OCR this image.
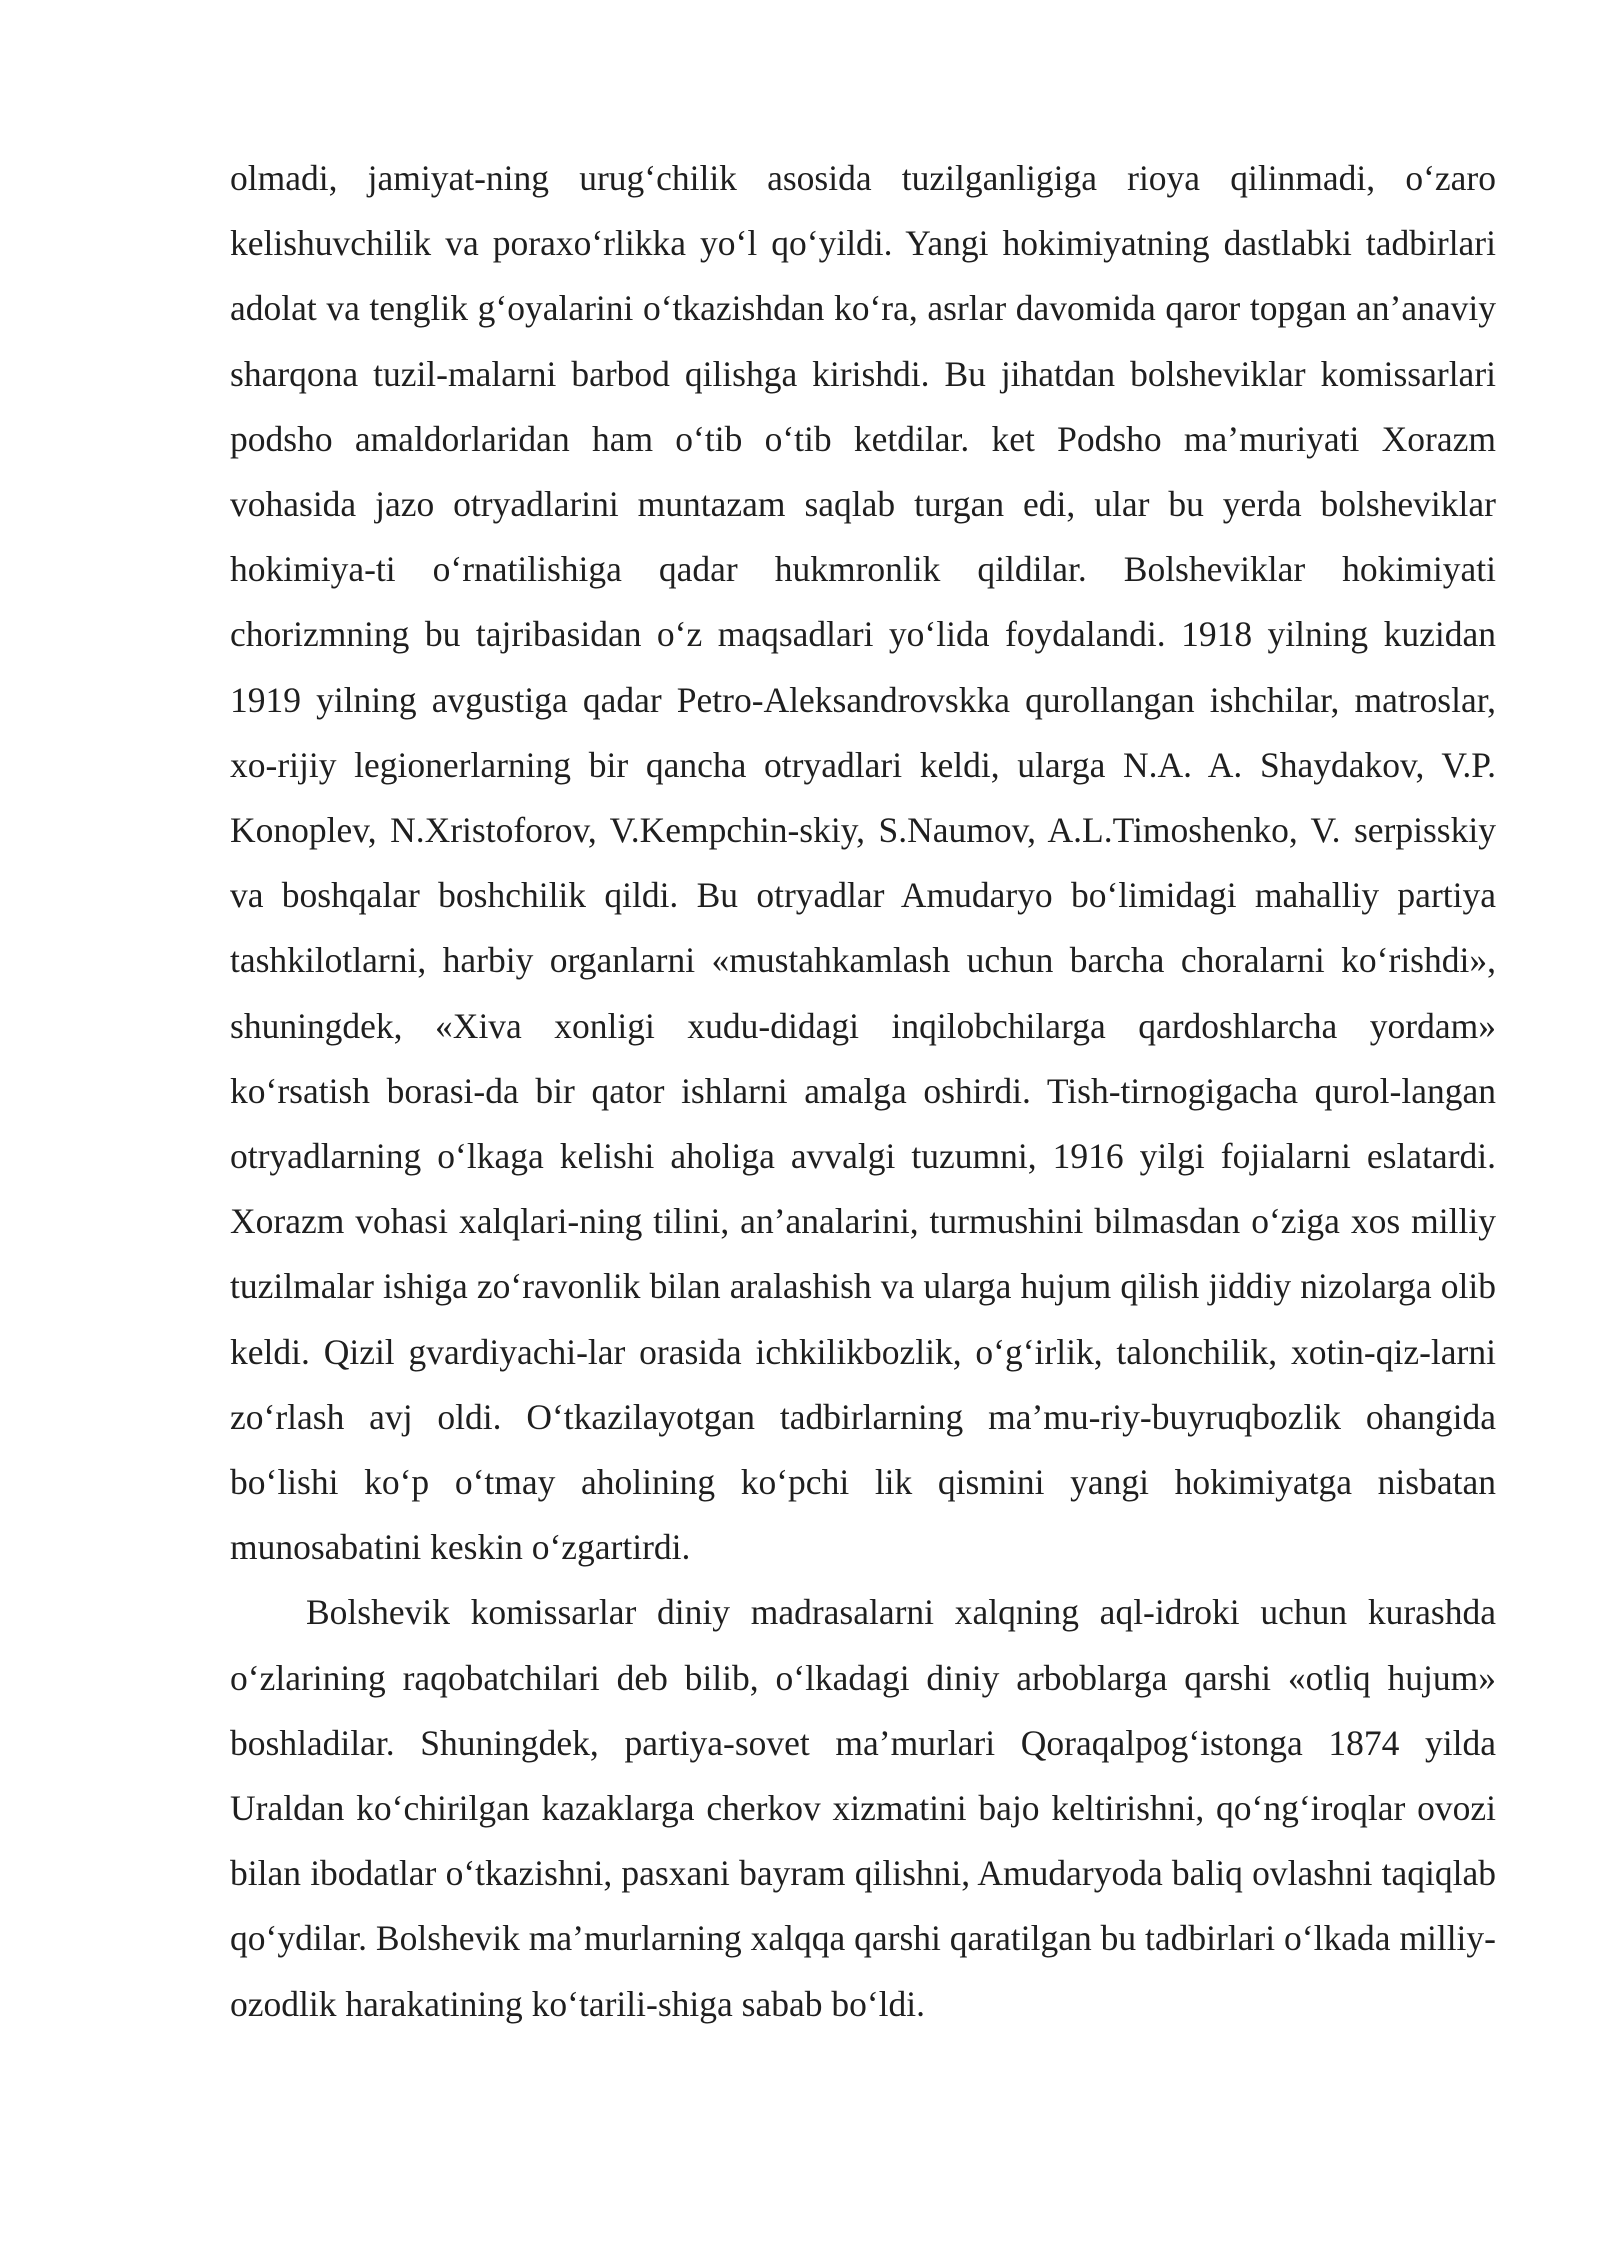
olmadi, jamiyat-ning urug‘chilik asosida tuzilganligiga rioya qilinmadi, o‘zaro kelishuvchilik va poraxo‘rlikka yo‘l qo‘yildi. Yangi hokimiyatning dastlabki tadbirlari adolat va tenglik g‘oyalarini o‘tkazishdan ko‘ra, asrlar davomida qaror topgan an’anaviy sharqona tuzil-malarni barbod qilishga kirishdi. Bu jihatdan bolsheviklar komissarlari podsho amaldorlaridan ham o‘tib o‘tib ketdilar. ket Podsho ma’muriyati Xorazm vohasida jazo otryadlarini muntazam saqlab turgan edi, ular bu yerda bolsheviklar hokimiya-ti o‘rnatilishiga qadar hukmronlik qildilar. Bolsheviklar hokimiyati chorizmning bu tajribasidan o‘z maqsadlari yo‘lida foydalandi. 1918 yilning kuzidan 1919 yilning avgustiga qadar Petro-Aleksandrovskka qurollangan ishchilar, matroslar, xo-rijiy legionerlarning bir qancha otryadlari keldi, ularga N.A. A. Shaydakov, V.P. Konoplev, N.Xristoforov, V.Kempchin-skiy, S.Naumov, A.L.Timoshenko, V. serpisskiy va boshqalar boshchilik qildi. Bu otryadlar Amudaryo bo‘limidagi mahalliy partiya tashkilotlarni, harbiy organlarni «mustahkamlash uchun barcha choralarni ko‘rishdi», shuningdek, «Xiva xonligi xudu-didagi inqilobchilarga qardoshlarcha yordam» ko‘rsatish borasi-da bir qator ishlarni amalga oshirdi. Tish-tirnogigacha qurol-langan otryadlarning o‘lkaga kelishi aholiga avvalgi tuzumni, 1916 yilgi fojialarni eslatardi. Xorazm vohasi xalqlari-ning tilini, an’analarini, turmushini bilmasdan o‘ziga xos milliy tuzilmalar ishiga zo‘ravonlik bilan aralashish va ularga hujum qilish jiddiy nizolarga olib keldi. Qizil gvardiyachi-lar orasida ichkilikbozlik, o‘g‘irlik, talonchilik, xotin-qiz-larni zo‘rlash avj oldi. O‘tkazilayotgan tadbirlarning ma’mu-riy-buyruqbozlik ohangida bo‘lishi ko‘p o‘tmay aholining ko‘pchi lik qismini yangi hokimiyatga nisbatan munosabatini keskin o‘zgartirdi.

Bolshevik komissarlar diniy madrasalarni xalqning aql-idroki uchun kurashda o‘zlarining raqobatchilari deb bilib, o‘lkadagi diniy arboblarga qarshi «otliq hujum» boshladilar. Shuningdek, partiya-sovet ma’murlari Qoraqalpog‘istonga 1874 yilda Uraldan ko‘chirilgan kazaklarga cherkov xizmatini bajo keltirishni, qo‘ng‘iroqlar ovozi bilan ibodatlar o‘tkazishni, pasxani bayram qilishni, Amudaryoda baliq ovlashni taqiqlab qo‘ydilar. Bolshevik ma’murlarning xalqqa qarshi qaratilgan bu tadbirlari o‘lkada milliy-ozodlik harakatining ko‘tarili-shiga sabab bo‘ldi.
